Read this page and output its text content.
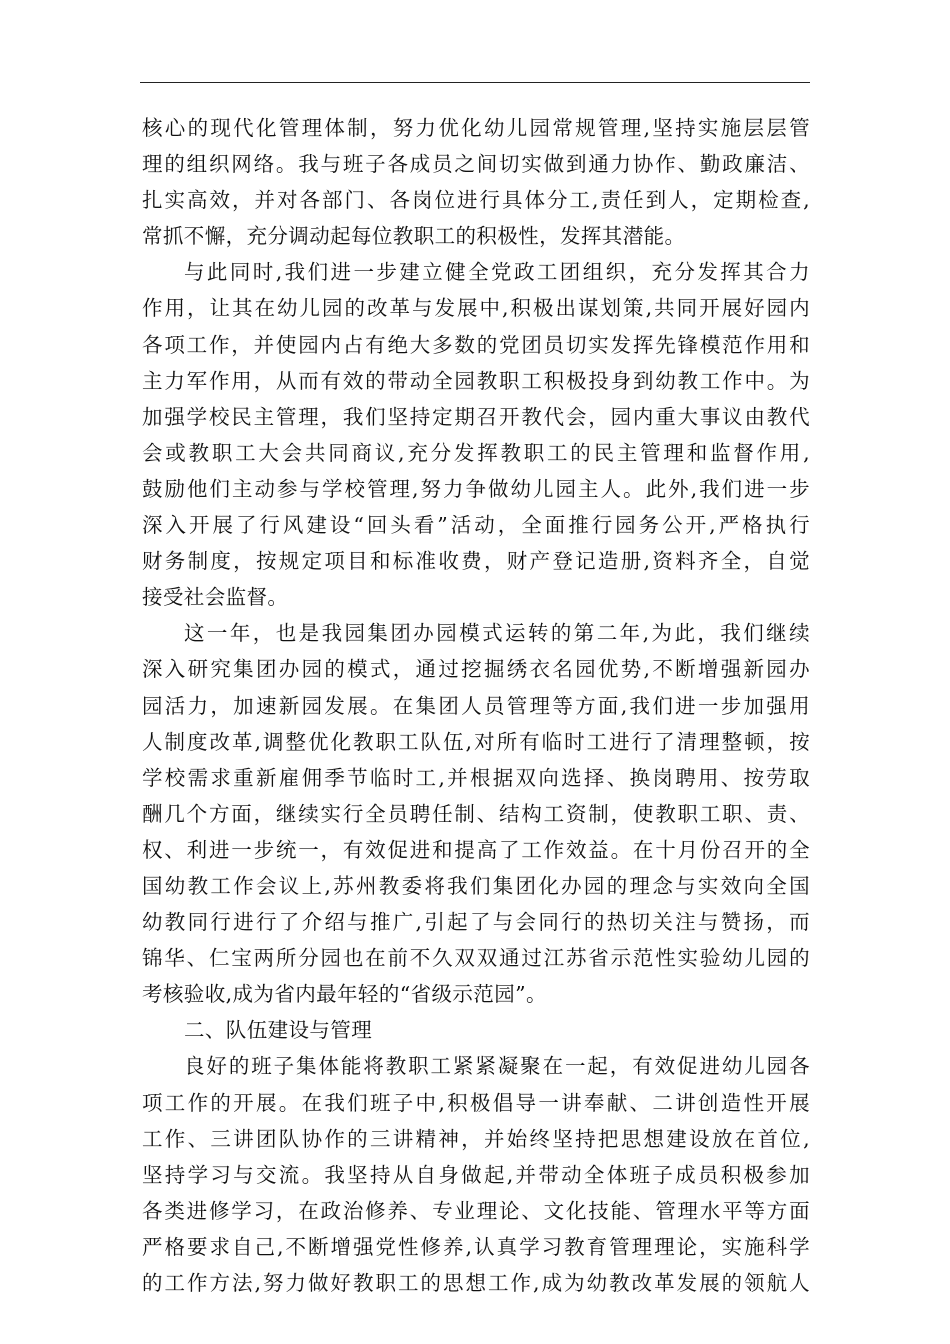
核心的现代化管理体制，努力优化幼儿园常规管理,坚持实施层层管
理的组织网络。我与班子各成员之间切实做到通力协作、勤政廉洁、
扎实高效，并对各部门、各岗位进行具体分工,责任到人，定期检查,
常抓不懈，充分调动起每位教职工的积极性，发挥其潜能。
与此同时,我们进一步建立健全党政工团组织，充分发挥其合力
作用，让其在幼儿园的改革与发展中,积极出谋划策,共同开展好园内
各项工作，并使园内占有绝大多数的党团员切实发挥先锋模范作用和
主力军作用，从而有效的带动全园教职工积极投身到幼教工作中。为
加强学校民主管理，我们坚持定期召开教代会，园内重大事议由教代
会或教职工大会共同商议,充分发挥教职工的民主管理和监督作用,
鼓励他们主动参与学校管理,努力争做幼儿园主人。此外,我们进一步
深入开展了行风建设“回头看”活动，全面推行园务公开,严格执行
财务制度，按规定项目和标准收费，财产登记造册,资料齐全，自觉
接受社会监督。
这一年，也是我园集团办园模式运转的第二年,为此，我们继续
深入研究集团办园的模式，通过挖掘绣衣名园优势,不断增强新园办
园活力，加速新园发展。在集团人员管理等方面,我们进一步加强用
人制度改革,调整优化教职工队伍,对所有临时工进行了清理整顿，按
学校需求重新雇佣季节临时工,并根据双向选择、换岗聘用、按劳取
酬几个方面，继续实行全员聘任制、结构工资制，使教职工职、责、
权、利进一步统一，有效促进和提高了工作效益。在十月份召开的全
国幼教工作会议上,苏州教委将我们集团化办园的理念与实效向全国
幼教同行进行了介绍与推广,引起了与会同行的热切关注与赞扬，而
锦华、仁宝两所分园也在前不久双双通过江苏省示范性实验幼儿园的
考核验收,成为省内最年轻的“省级示范园”。
二、队伍建设与管理
良好的班子集体能将教职工紧紧凝聚在一起，有效促进幼儿园各
项工作的开展。在我们班子中,积极倡导一讲奉献、二讲创造性开展
工作、三讲团队协作的三讲精神，并始终坚持把思想建设放在首位,
坚持学习与交流。我坚持从自身做起,并带动全体班子成员积极参加
各类进修学习，在政治修养、专业理论、文化技能、管理水平等方面
严格要求自己,不断增强党性修养,认真学习教育管理理论，实施科学
的工作方法,努力做好教职工的思想工作,成为幼教改革发展的领航人
